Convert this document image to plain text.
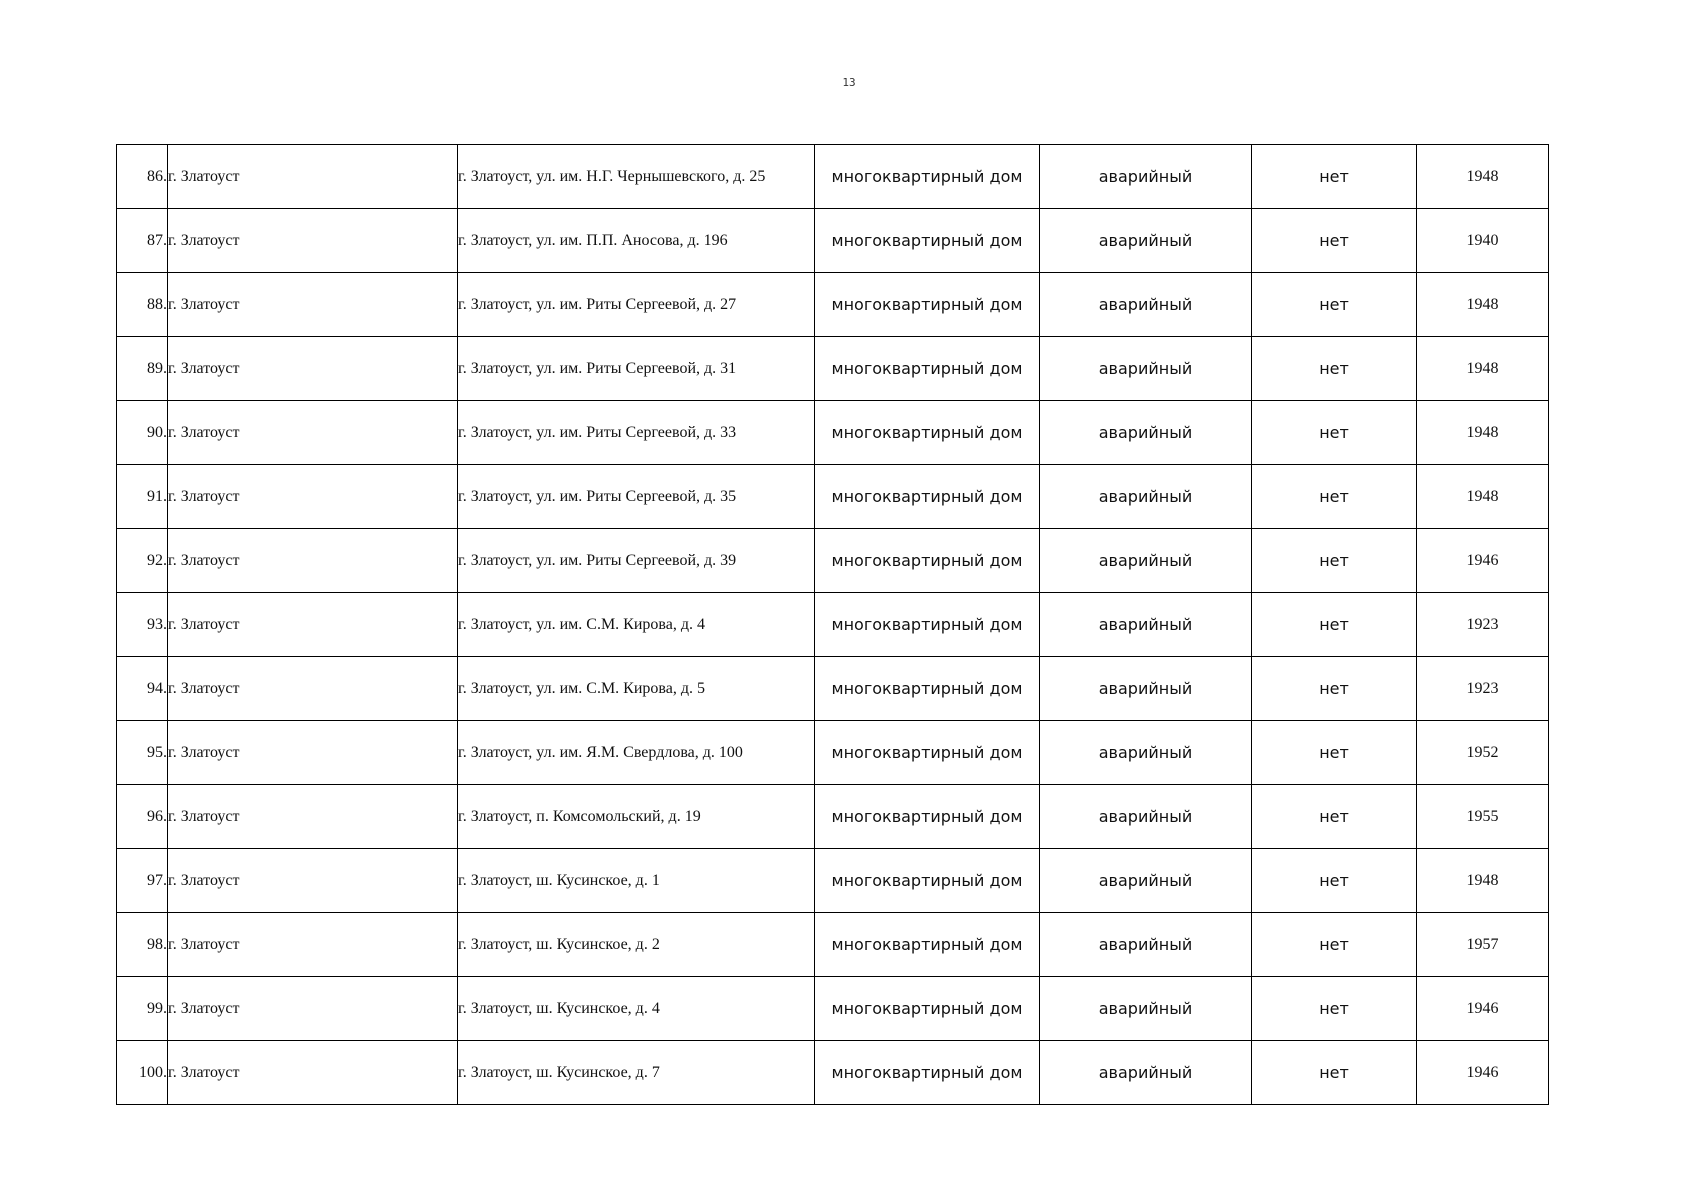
13
86.	г. Златоуст	г. Златоуст, ул. им. Н.Г. Чернышевского, д. 25	многоквартирный дом	аварийный	нет	1948
87.	г. Златоуст	г. Златоуст, ул. им. П.П. Аносова, д. 196	многоквартирный дом	аварийный	нет	1940
88.	г. Златоуст	г. Златоуст, ул. им. Риты Сергеевой, д. 27	многоквартирный дом	аварийный	нет	1948
89.	г. Златоуст	г. Златоуст, ул. им. Риты Сергеевой, д. 31	многоквартирный дом	аварийный	нет	1948
90.	г. Златоуст	г. Златоуст, ул. им. Риты Сергеевой, д. 33	многоквартирный дом	аварийный	нет	1948
91.	г. Златоуст	г. Златоуст, ул. им. Риты Сергеевой, д. 35	многоквартирный дом	аварийный	нет	1948
92.	г. Златоуст	г. Златоуст, ул. им. Риты Сергеевой, д. 39	многоквартирный дом	аварийный	нет	1946
93.	г. Златоуст	г. Златоуст, ул. им. С.М. Кирова, д. 4	многоквартирный дом	аварийный	нет	1923
94.	г. Златоуст	г. Златоуст, ул. им. С.М. Кирова, д. 5	многоквартирный дом	аварийный	нет	1923
95.	г. Златоуст	г. Златоуст, ул. им. Я.М. Свердлова, д. 100	многоквартирный дом	аварийный	нет	1952
96.	г. Златоуст	г. Златоуст, п. Комсомольский, д. 19	многоквартирный дом	аварийный	нет	1955
97.	г. Златоуст	г. Златоуст, ш. Кусинское, д. 1	многоквартирный дом	аварийный	нет	1948
98.	г. Златоуст	г. Златоуст, ш. Кусинское, д. 2	многоквартирный дом	аварийный	нет	1957
99.	г. Златоуст	г. Златоуст, ш. Кусинское, д. 4	многоквартирный дом	аварийный	нет	1946
100.	г. Златоуст	г. Златоуст, ш. Кусинское, д. 7	многоквартирный дом	аварийный	нет	1946
